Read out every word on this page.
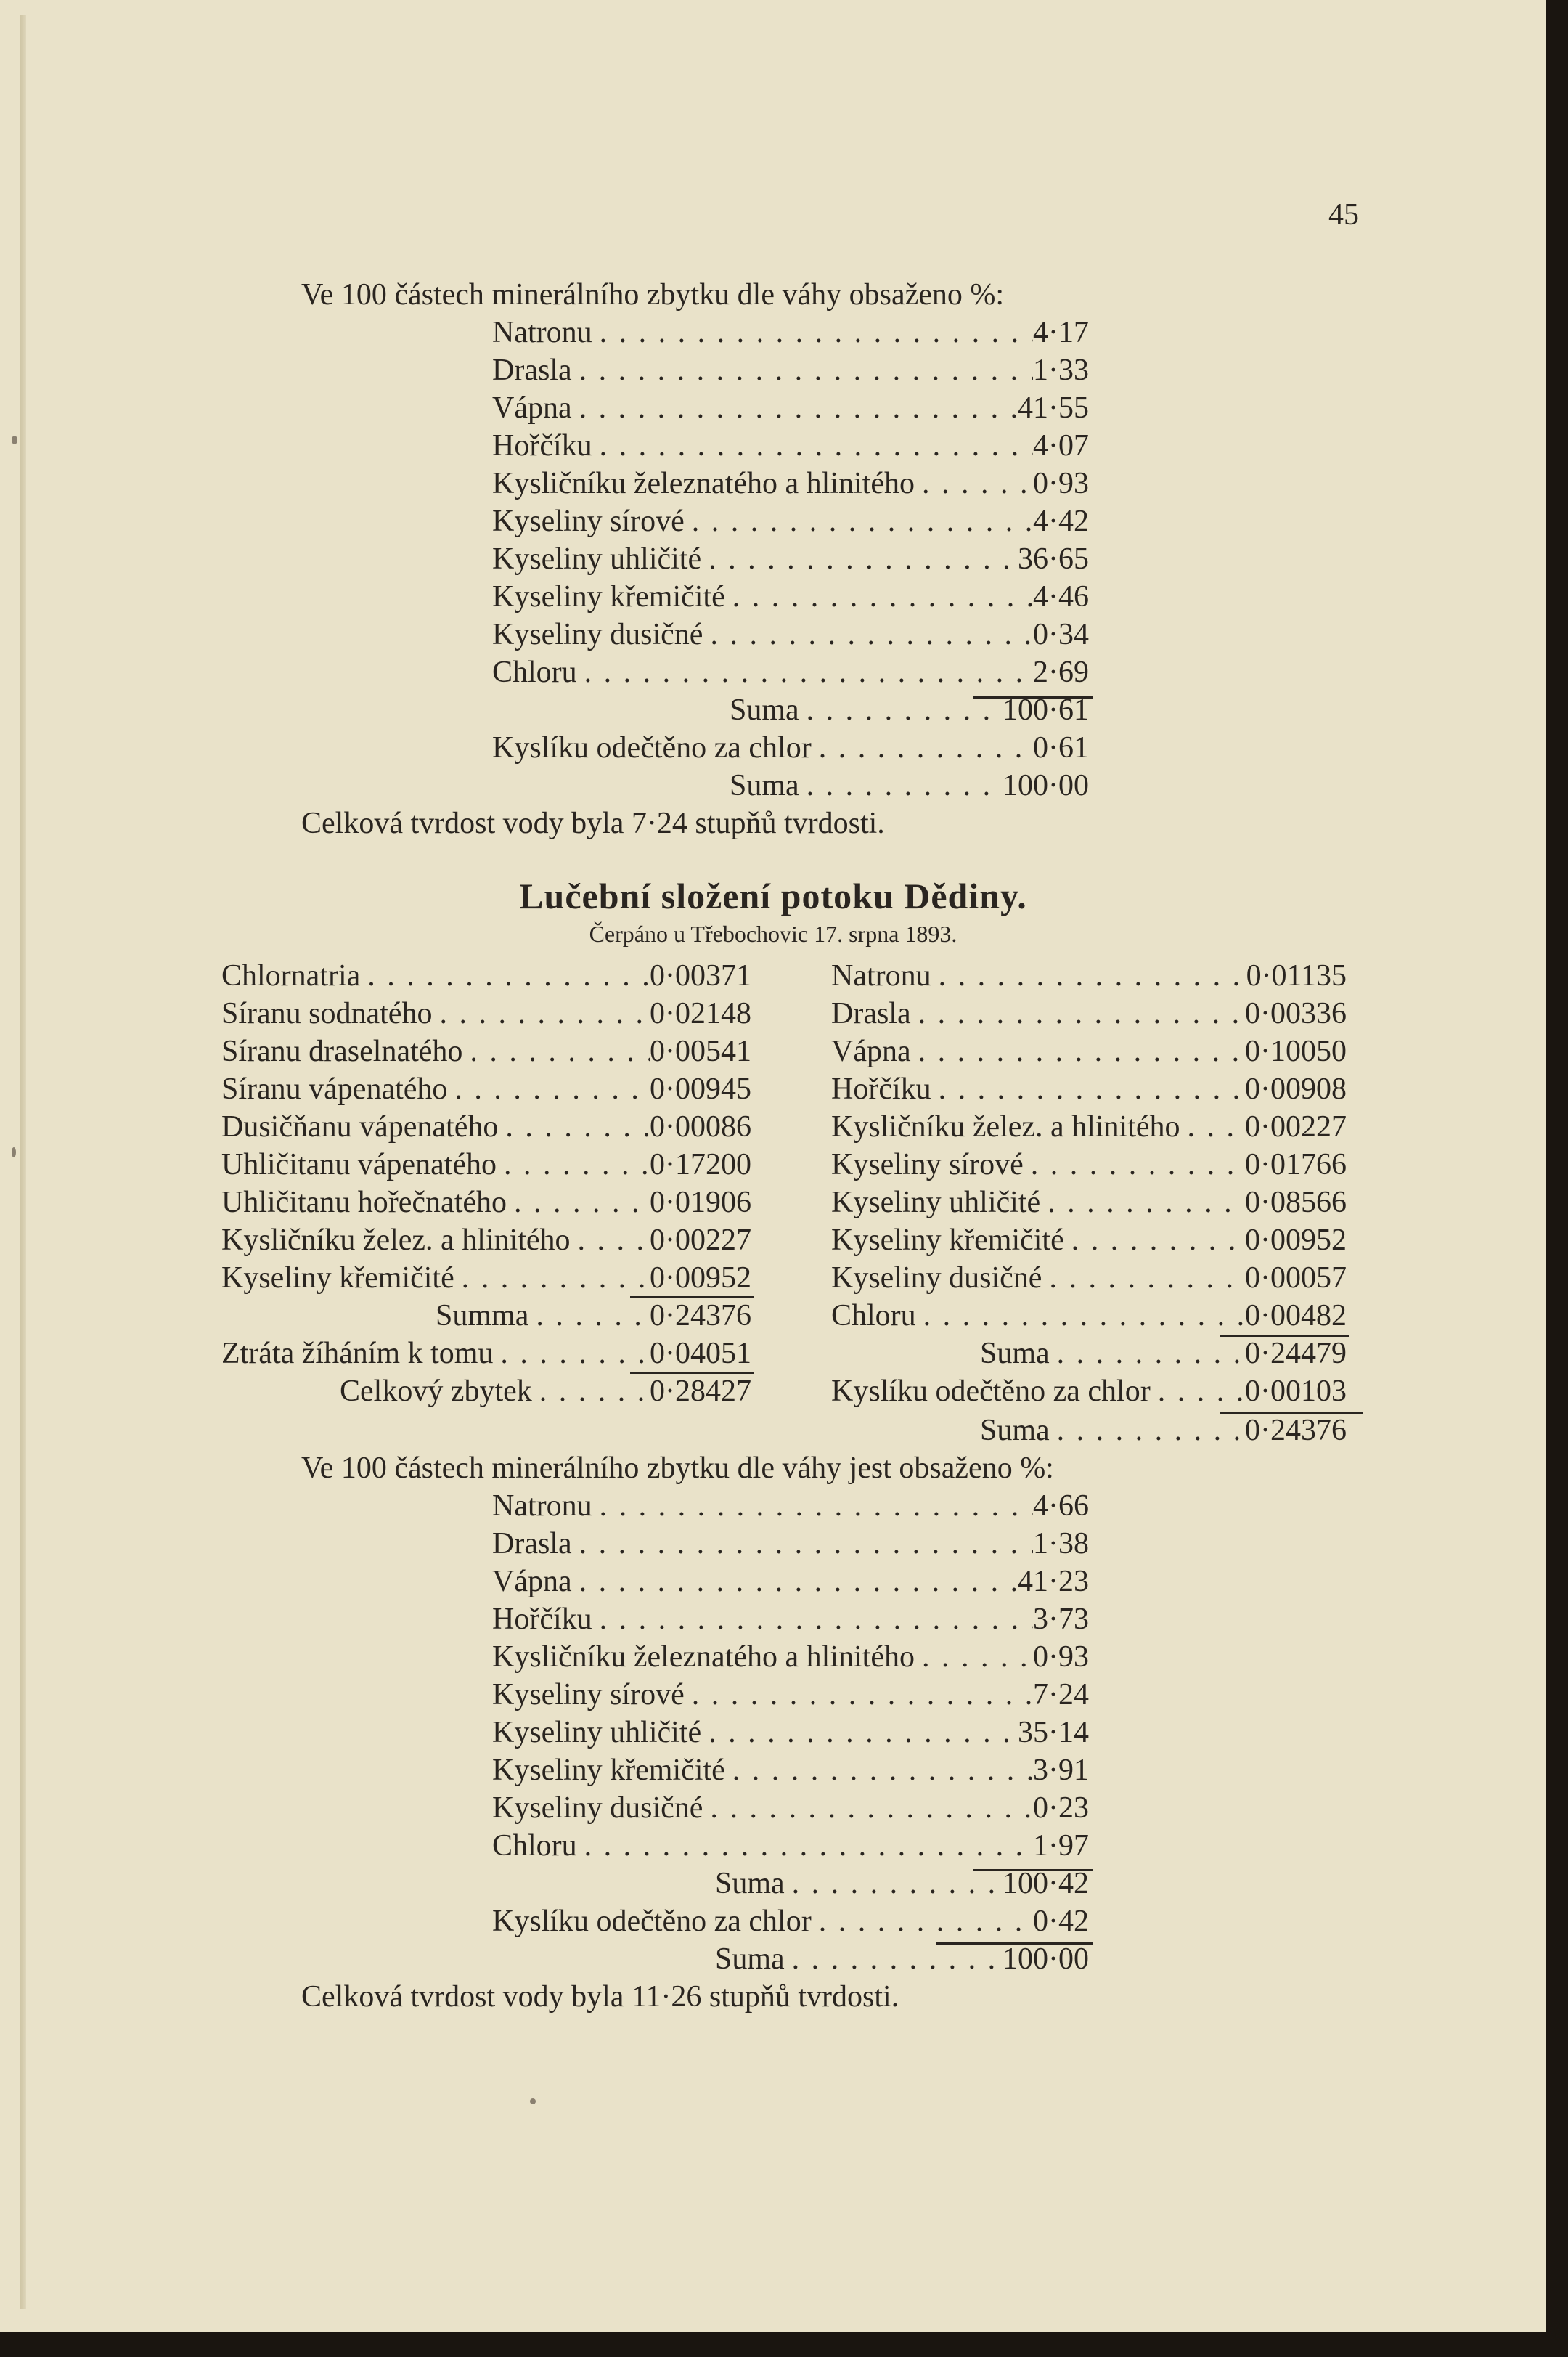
45
Ve 100 částech minerálního zbytku dle váhy obsaženo %:
Natronu . . .	4·17
Drasla . . .	1·33
Vápna . . .	41·55
Hořčíku . . .	4·07
Kysličníku železnatého a hlinitého . . .	0·93
Kyseliny sírové . . .	4·42
Kyseliny uhličité . . .	36·65
Kyseliny křemičité . . .	4·46
Kyseliny dusičné . . .	0·34
Chloru . . .	2·69
Suma . . .	100·61
Kyslíku odečtěno za chlor . . .	0·61
Suma . . .	100·00
Celková tvrdost vody byla 7·24 stupňů tvrdosti.
Lučební složení potoku Dědiny.
Čerpáno u Třebochovic 17. srpna 1893.
Chlornatria . . .	0·00371
Síranu sodnatého . . .	0·02148
Síranu draselnatého . . .	0·00541
Síranu vápenatého . . .	0·00945
Dusičňanu vápenatého . . .	0·00086
Uhličitanu vápenatého . . .	0·17200
Uhličitanu hořečnatého . . .	0·01906
Kysličníku želez. a hlinitého . . .	0·00227
Kyseliny křemičité . . .	0·00952
Summa . . .	0·24376
Ztráta žíháním k tomu . . .	0·04051
Celkový zbytek . . .	0·28427
Natronu . . .	0·01135
Drasla . . .	0·00336
Vápna . . .	0·10050
Hořčíku . . .	0·00908
Kysličníku želez. a hlinitého . . . 0·00227
Kyseliny sírové . . .	0·01766
Kyseliny uhličité . . .	0·08566
Kyseliny křemičité . . .	0·00952
Kyseliny dusičné . . .	0·00057
Chloru . . .	0·00482
Suma . . .	0·24479
Kyslíku odečtěno za chlor . . .	0·00103
Suma . . .	0·24376
Ve 100 částech minerálního zbytku dle váhy jest obsaženo %:
Natronu . . .	4·66
Drasla . . .	1·38
Vápna . . .	41·23
Hořčíku . . .	3·73
Kysličníku železnatého a hlinitého . . .	0·93
Kyseliny sírové . . .	7·24
Kyseliny uhličité . . .	35·14
Kyseliny křemičité . . .	3·91
Kyseliny dusičné . . .	0·23
Chloru . . .	1·97
Suma . . .	100·42
Kyslíku odečtěno za chlor . . .	0·42
Suma . . .	100·00
Celková tvrdost vody byla 11·26 stupňů tvrdosti.
